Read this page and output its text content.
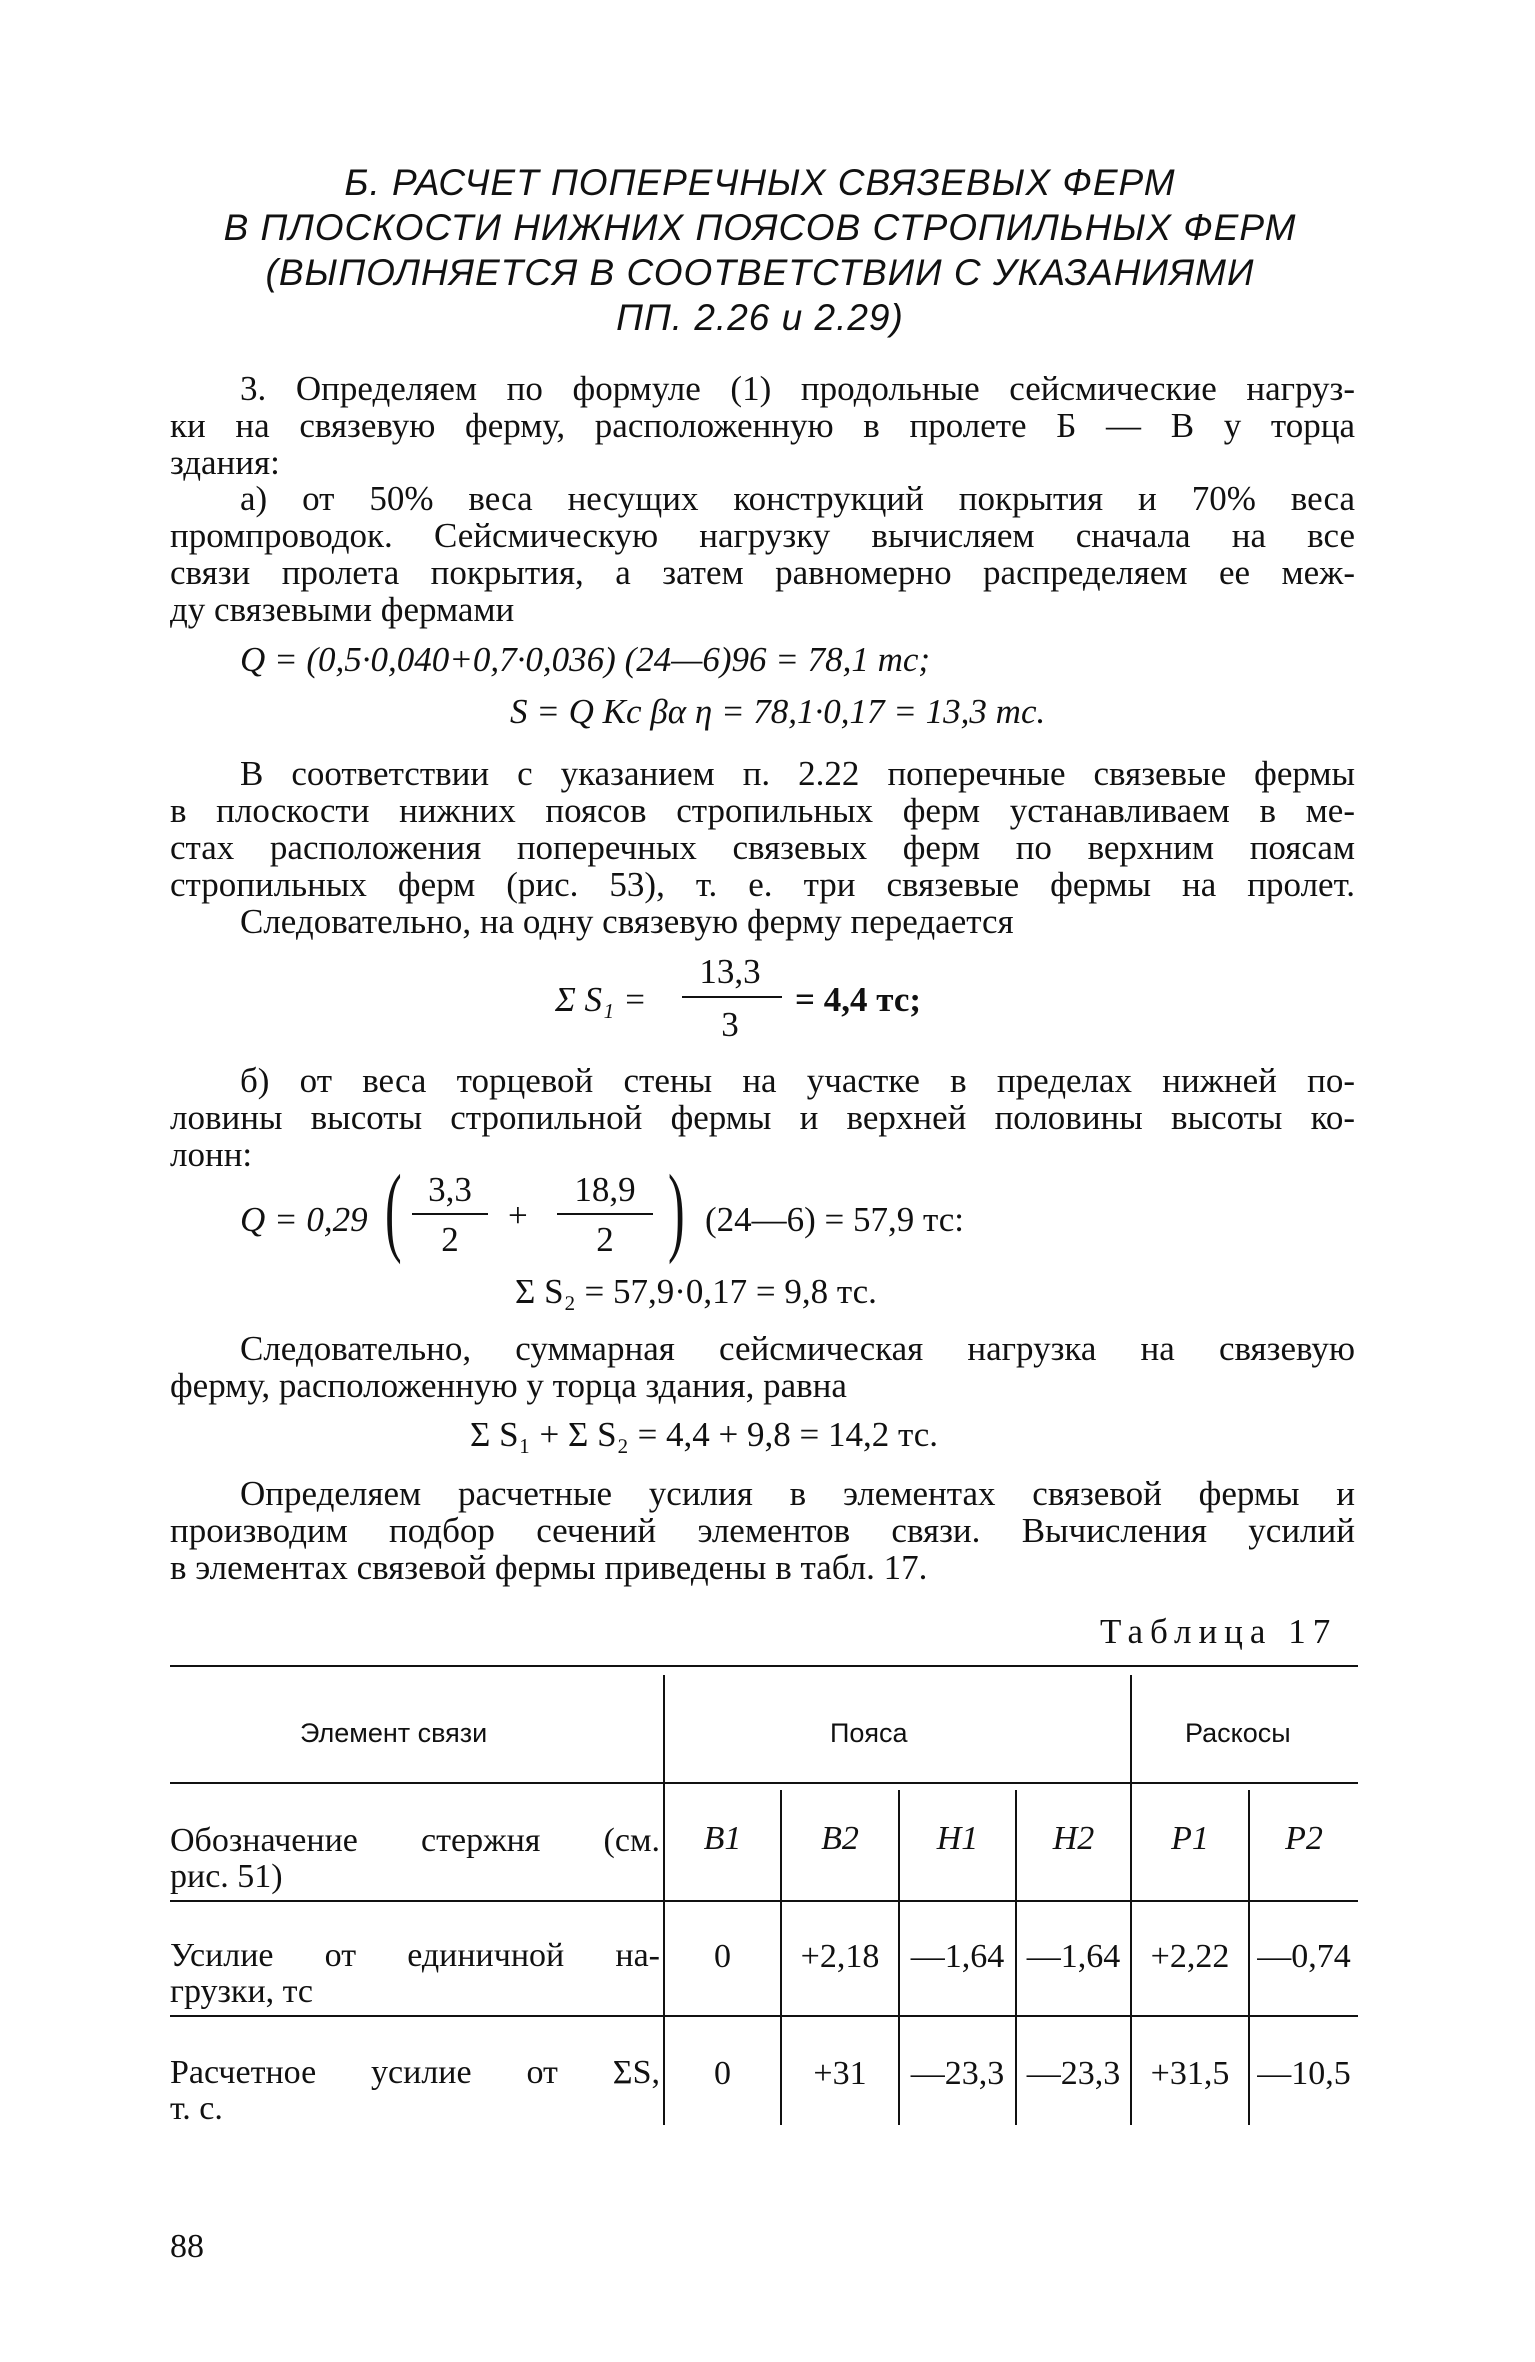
Б. РАСЧЕТ ПОПЕРЕЧНЫХ СВЯЗЕВЫХ ФЕРМ
В ПЛОСКОСТИ НИЖНИХ ПОЯСОВ СТРОПИЛЬНЫХ ФЕРМ
(ВЫПОЛНЯЕТСЯ В СООТВЕТСТВИИ С УКАЗАНИЯМИ
ПП. 2.26 и 2.29)
3. Определяем по формуле (1) продольные сейсмические нагруз-
ки на связевую ферму, расположенную в пролете Б — В у торца
здания:
а) от 50% веса несущих конструкций покрытия и 70% веса
промпроводок. Сейсмическую нагрузку вычисляем сначала на все
связи пролета покрытия, а затем равномерно распределяем ее меж-
ду связевыми фермами
Q = (0,5·0,040+0,7·0,036) (24—6)96 = 78,1 тс;
S = Q Kс βα η = 78,1·0,17 = 13,3 тс.
В соответствии с указанием п. 2.22 поперечные связевые фермы
в плоскости нижних поясов стропильных ферм устанавливаем в ме-
стах расположения поперечных связевых ферм по верхним поясам
стропильных ферм (рис. 53), т. е. три связевые фермы на пролет.
Следовательно, на одну связевую ферму передается
Σ S₁ =
13,3
3
= 4,4 тс;
б) от веса торцевой стены на участке в пределах нижней по-
ловины высоты стропильной фермы и верхней половины высоты ко-
лонн:
Q = 0,29 ( 3,3
2
+
18,9
2 ) (24—6) = 57,9 тс:
Σ S₂ = 57,9·0,17 = 9,8 тс.
Следовательно, суммарная сейсмическая нагрузка на связевую
ферму, расположенную у торца здания, равна
Σ S₁ + Σ S₂ = 4,4 + 9,8 = 14,2 тс.
Определяем расчетные усилия в элементах связевой фермы и
производим подбор сечений элементов связи. Вычисления усилий
в элементах связевой фермы приведены в табл. 17.
Таблица 17
Элемент связи	Пояса	Раскосы
Обозначение стержня (см.
рис. 51)
В1	В2	Н1	Н2	Р1	Р2
Усилие от единичной на-
грузки, тс
0	+2,18 —1,64 —1,64 +2,22 —0,74
Расчетное усилие от ΣS,
т. с.
0	+31	—23,3 —23,3 +31,5 —10,5
88
